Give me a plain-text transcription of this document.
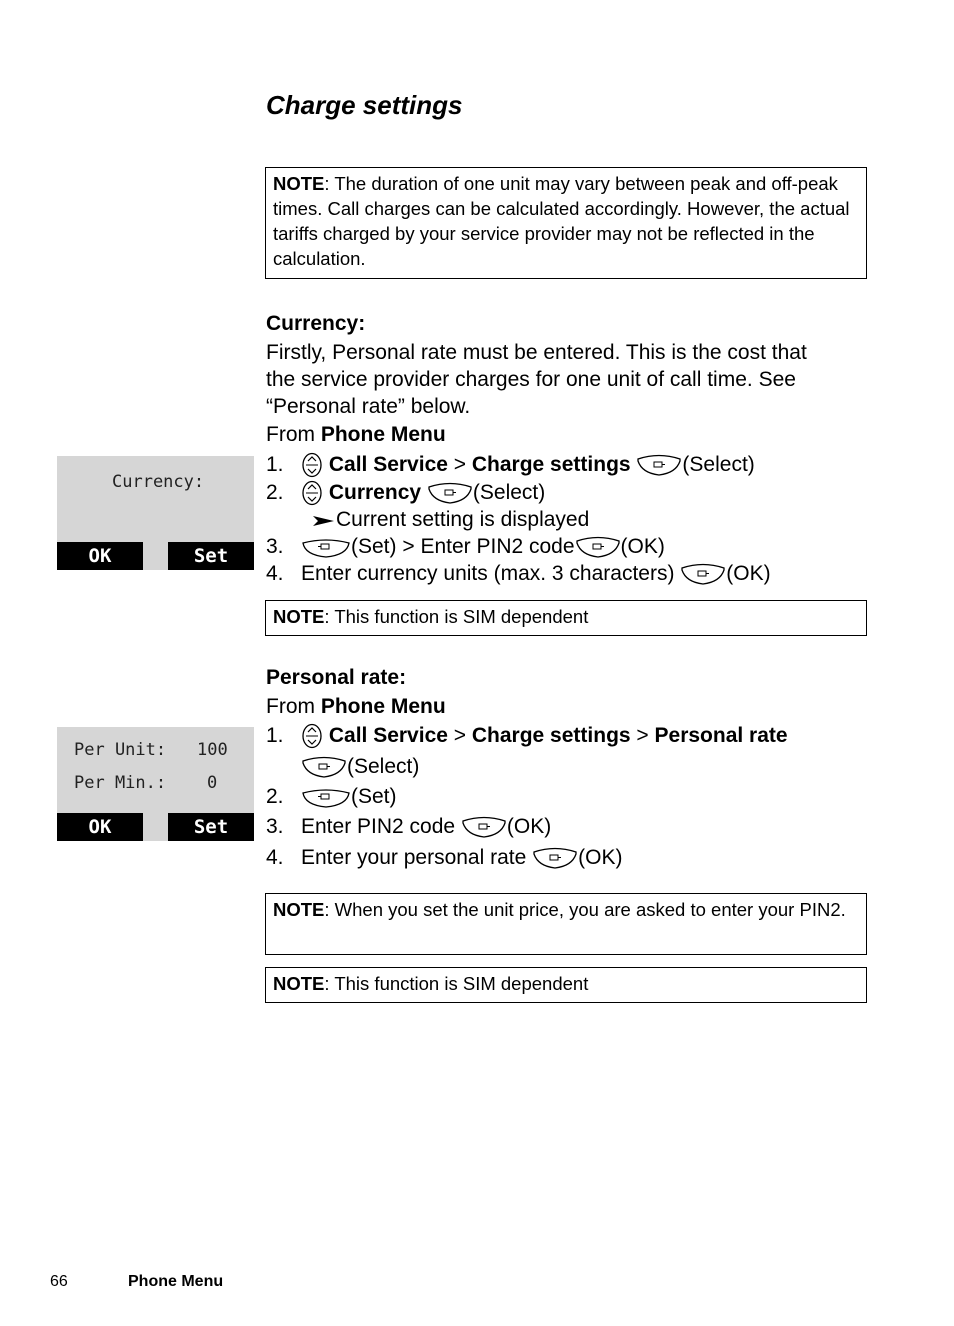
Charge settings
NOTE: The duration of one unit may vary between peak and off-peak times. Call charges can be calculated accordingly. However, the actual tariffs charged by your service provider may not be reflected in the calculation.
Currency:
Firstly, Personal rate must be entered. This is the cost that
the service provider charges for one unit of call time. See
“Personal rate” below.
From Phone Menu
Currency:
OK	Set
1.	Call Service > Charge settings (Select)
2.	Currency (Select)
Current setting is displayed
3.	(Set) > Enter PIN2 code (OK)
4. Enter currency units (max. 3 characters)
(OK)
NOTE: This function is SIM dependent
Personal rate:
From Phone Menu
Per Unit: 100
Per Min.: 0
OK	Set
1.	Call Service > Charge settings > Personal rate
(Select)
2.	(Set)
3. Enter PIN2 code
(OK)
4. Enter your personal rate
(OK)
NOTE: When you set the unit price, you are asked to enter your PIN2.
NOTE: This function is SIM dependent
66	Phone Menu
